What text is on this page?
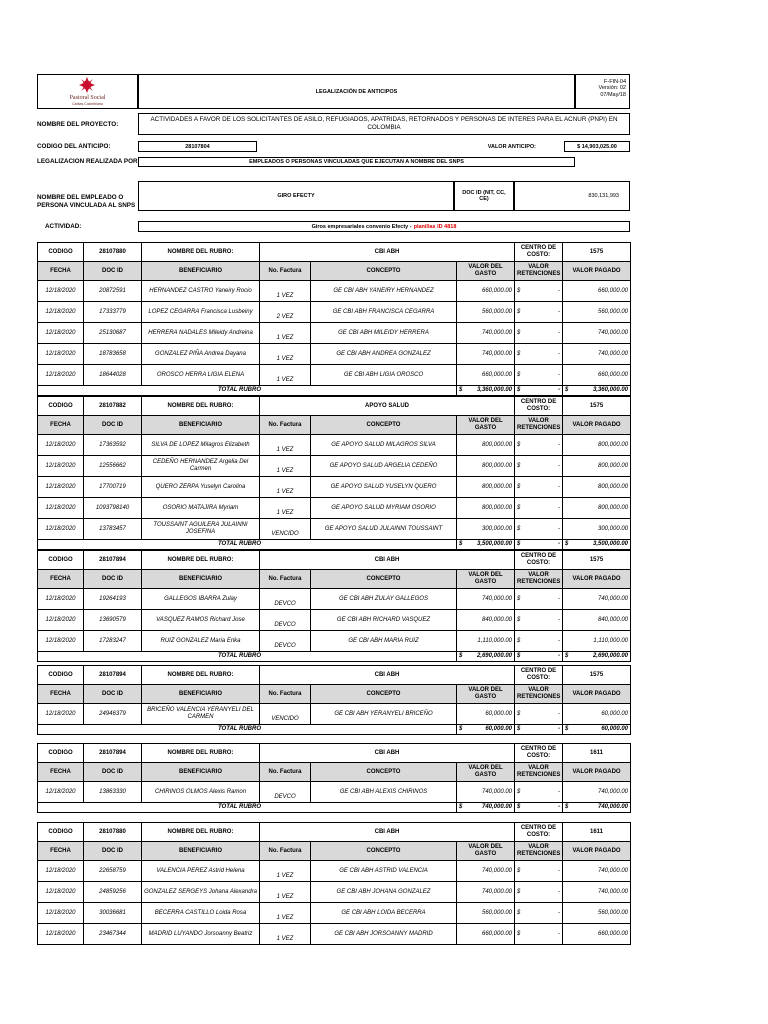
Pastoral Social
Cáritas Colombiana
LEGALIZACIÓN DE ANTICIPOS
F-FIN-04
Versión: 02
07/May/18
NOMBRE DEL PROYECTO:
ACTIVIDADES A FAVOR DE LOS SOLICITANTES DE ASILO, REFUGIADOS, APATRIDAS, RETORNADOS Y PERSONAS DE INTERES PARA EL ACNUR (PNPI) EN COLOMBIA
CODIGO DEL ANTICIPO:	28107804	VALOR ANTICIPO:	$ 14,903,025.00
LEGALIZACION REALIZADA POR	EMPLEADOS O PERSONAS VINCULADAS QUE EJECUTAN A NOMBRE DEL SNPS
NOMBRE DEL EMPLEADO O PERSONA VINCULADA AL SNPS
GIRO EFECTY	DOC ID (NIT, CC, CE)	830,131,993
ACTIVIDAD:	Giros empresariales convenio Efecty - planillas ID 4818
CODIGO	28107880	NOMBRE DEL RUBRO:	CBI ABH			CENTRO DE COSTO:	1575
FECHA	DOC ID	BENEFICIARIO	No. Factura	CONCEPTO	VALOR DEL GASTO	VALOR RETENCIONES	VALOR PAGADO
12/18/2020	20872591	HERNANDEZ CASTRO Yaneiry Rocio	1 VEZ	GE CBI ABH YANEIRY HERNANDEZ	660,000.00	$ -	660,000.00
12/18/2020	17333779	LOPEZ CEGARRA Francisca Lusbeiny	2 VEZ	GE CBI ABH FRANCISCA CEGARRA	560,000.00	$ -	560,000.00
12/18/2020	25130687	HERRERA NADALES Mileidy Andreina	1 VEZ	GE CBI ABH MILEIDY HERRERA	740,000.00	$ -	740,000.00
12/18/2020	18783658	GONZALEZ PIÑA Andrea Dayana	1 VEZ	GE CBI ABH ANDREA GONZALEZ	740,000.00	$ -	740,000.00
12/18/2020	18644028	OROSCO HERRA LIGIA ELENA	1 VEZ	GE CBI ABH LIGIA OROSCO	660,000.00	$ -	660,000.00
TOTAL RUBRO					$ 3,360,000.00	$ -	$ 3,360,000.00
CODIGO	28107882	NOMBRE DEL RUBRO:	APOYO SALUD			CENTRO DE COSTO:	1575
FECHA	DOC ID	BENEFICIARIO	No. Factura	CONCEPTO	VALOR DEL GASTO	VALOR RETENCIONES	VALOR PAGADO
12/18/2020	17363592	SILVA DE LOPEZ Milagros Elizabeth	1 VEZ	GE APOYO SALUD MILAGROS SILVA	800,000.00	$ -	800,000.00
12/18/2020	12556662	CEDEÑO HERNANDEZ Argelia Del Carmen	1 VEZ	GE APOYO SALUD ARGELIA CEDEÑO	800,000.00	$ -	800,000.00
12/18/2020	17700719	QUERO ZERPA Yuselyn Carolina	1 VEZ	GE APOYO SALUD YUSELYN QUERO	800,000.00	$ -	800,000.00
12/18/2020	1093798140	OSORIO MATAJIRA Myriam	1 VEZ	GE APOYO SALUD MYRIAM OSORIO	800,000.00	$ -	800,000.00
12/18/2020	13783457	TOUSSAINT AGUILERA JULAINNI JOSEFINA	VENCIDO	GE APOYO SALUD JULAINNI TOUSSAINT	300,000.00	$ -	300,000.00
TOTAL RUBRO					$ 3,500,000.00	$ -	$ 3,500,000.00
CODIGO	28107894	NOMBRE DEL RUBRO:	CBI ABH			CENTRO DE COSTO:	1575
FECHA	DOC ID	BENEFICIARIO	No. Factura	CONCEPTO	VALOR DEL GASTO	VALOR RETENCIONES	VALOR PAGADO
12/18/2020	19264193	GALLEGOS IBARRA Zulay	DEVCO	GE CBI ABH ZULAY GALLEGOS	740,000.00	$ -	740,000.00
12/18/2020	13690579	VASQUEZ RAMOS Richard Jose	DEVCO	GE CBI ABH RICHARD VASQUEZ	840,000.00	$ -	840,000.00
12/18/2020	17283247	RUIZ GONZALEZ Maria Erika	DEVCO	GE CBI ABH MARIA RUIZ	1,110,000.00	$ -	1,110,000.00
TOTAL RUBRO					$ 2,690,000.00	$ -	$ 2,690,000.00
CODIGO	28107894	NOMBRE DEL RUBRO:	CBI ABH			CENTRO DE COSTO:	1575
FECHA	DOC ID	BENEFICIARIO	No. Factura	CONCEPTO	VALOR DEL GASTO	VALOR RETENCIONES	VALOR PAGADO
12/18/2020	24946379	BRICEÑO VALENCIA YERANYELI DEL CARMEN	VENCIDO	GE CBI ABH YERANYELI BRICEÑO	60,000.00	$ -	60,000.00
TOTAL RUBRO					$ 60,000.00	$ -	$ 60,000.00
CODIGO	28107894	NOMBRE DEL RUBRO:	CBI ABH			CENTRO DE COSTO:	1611
FECHA	DOC ID	BENEFICIARIO	No. Factura	CONCEPTO	VALOR DEL GASTO	VALOR RETENCIONES	VALOR PAGADO
12/18/2020	13863330	CHIRINOS OLMOS Alexis Ramon	DEVCO	GE CBI ABH ALEXIS CHIRINOS	740,000.00	$ -	740,000.00
TOTAL RUBRO					$ 740,000.00	$ -	$ 740,000.00
CODIGO	28107880	NOMBRE DEL RUBRO:	CBI ABH			CENTRO DE COSTO:	1611
FECHA	DOC ID	BENEFICIARIO	No. Factura	CONCEPTO	VALOR DEL GASTO	VALOR RETENCIONES	VALOR PAGADO
12/18/2020	22658759	VALENCIA PEREZ Astrid Helena	1 VEZ	GE CBI ABH ASTRID VALENCIA	740,000.00	$ -	740,000.00
12/18/2020	24859256	GONZALEZ SERGEYS Johana Alexandra	1 VEZ	GE CBI ABH JOHANA GONZALEZ	740,000.00	$ -	740,000.00
12/18/2020	30036681	BECERRA CASTILLO Loida Rosa	1 VEZ	GE CBI ABH LOIDA BECERRA	560,000.00	$ -	560,000.00
12/18/2020	23467344	MADRID LUYANDO Jorsoanny Beatriz	1 VEZ	GE CBI ABH JORSOANNY MADRID	660,000.00	$ -	660,000.00
